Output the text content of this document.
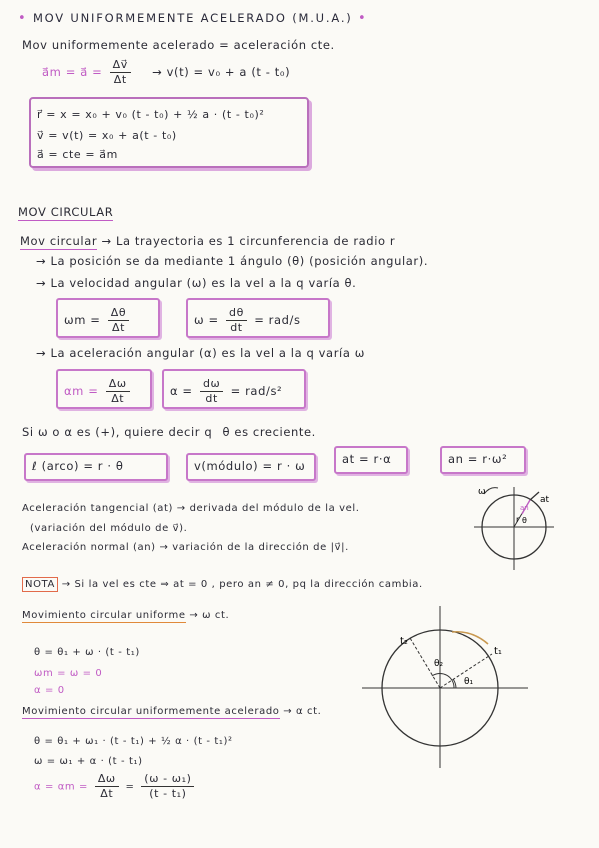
• MOV UNIFORMEMENTE ACELERADO (M.U.A.) •
Mov uniformemente acelerado = aceleración cte.
a⃗m = a⃗ = $\frac{\Delta v⃗}{\Delta t} \to v(t) = v_0 + a$ (t - t₀)
r⃗ = x = x₀ + v₀ (t - t₀) + ½ a · (t - t₀)²
v⃗ = v(t) = x₀ + a(t - t₀)
a⃗ = cte = a⃗m
MOV CIRCULAR
Mov circular → La trayectoria es 1 circunferencia de radio r
→ La posición se da mediante 1 ángulo (θ) (posición angular).
→ La velocidad angular (ω) es la vel a la q varía θ.
$\omega m = \frac{\Delta\theta}{\Delta t}$	$\omega = \frac{d\theta}{dt} = rad/s$
→ La aceleración angular (α) es la vel a la q varía ω
$\alpha m = \frac{\Delta\omega}{\Delta t}$	$\alpha = \frac{d\omega}{dt} = rad/s^2$
Si ω o α es (+), quiere decir q θ es creciente.
ℓ (arco) = r · θ	v(módulo) = r · ω	at = r·α	an = r·ω²
Aceleración tangencial (at) → derivada del módulo de la vel.
(variación del módulo de v⃗).
Aceleración normal (an) → variación de la dirección de |v⃗|.
ω
at
an
r θ
NOTA → Si la vel es cte ⇒ at = 0 , pero an ≠ 0, pq la dirección cambia.
Movimiento circular uniforme → ω ct.
θ = θ₁ + ω · (t - t₁)
ωm = ω = 0
α = 0
t₂
t₁
θ₂
θ₁
Movimiento circular uniformemente acelerado → α ct.
θ = θ₁ + ω₁ · (t - t₁) + ½ α · (t - t₁)²
ω = ω₁ + α · (t - t₁)
$\alpha = \alpha m = \frac{\Delta\omega}{\Delta t} = \frac{\text{(ω - ω₁)}}{\text{(t - t₁)}}$
